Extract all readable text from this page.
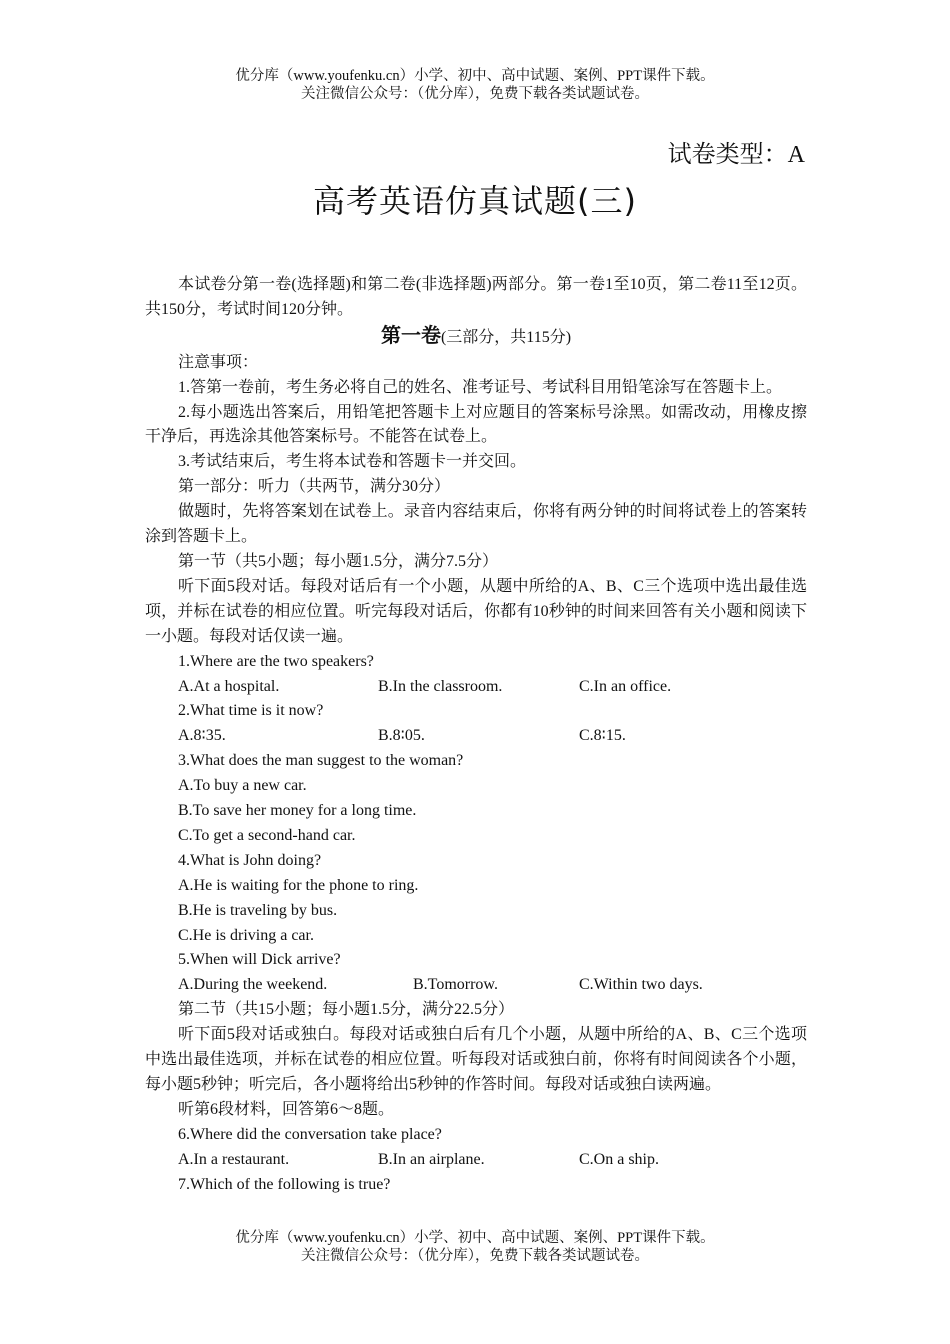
优分库（www.youfenku.cn）小学、初中、高中试题、案例、PPT课件下载。
关注微信公众号：（优分库），免费下载各类试题试卷。
试卷类型：A
高考英语仿真试题(三)

本试卷分第一卷(选择题)和第二卷(非选择题)两部分。第一卷1至10页，第二卷11至12页。共150分，考试时间120分钟。

第一卷(三部分，共115分)

注意事项：

1.答第一卷前，考生务必将自己的姓名、准考证号、考试科目用铅笔涂写在答题卡上。

2.每小题选出答案后，用铅笔把答题卡上对应题目的答案标号涂黑。如需改动，用橡皮擦干净后，再选涂其他答案标号。不能答在试卷上。

3.考试结束后，考生将本试卷和答题卡一并交回。

第一部分：听力（共两节，满分30分）

做题时，先将答案划在试卷上。录音内容结束后，你将有两分钟的时间将试卷上的答案转涂到答题卡上。

第一节（共5小题；每小题1.5分，满分7.5分）

听下面5段对话。每段对话后有一个小题，从题中所给的A、B、C三个选项中选出最佳选项，并标在试卷的相应位置。听完每段对话后，你都有10秒钟的时间来回答有关小题和阅读下一小题。每段对话仅读一遍。

1.Where are the two speakers?

A.At a hospital.	B.In the classroom.	C.In an office.

2.What time is it now?

A.8∶35.	B.8∶05.	C.8∶15.

3.What does the man suggest to the woman?

A.To buy a new car.

B.To save her money for a long time.

C.To get a second-hand car.

4.What is John doing?

A.He is waiting for the phone to ring.

B.He is traveling by bus.

C.He is driving a car.

5.When will Dick arrive?

A.During the weekend.	B.Tomorrow.	C.Within two days.

第二节（共15小题；每小题1.5分，满分22.5分）

听下面5段对话或独白。每段对话或独白后有几个小题，从题中所给的A、B、C三个选项中选出最佳选项，并标在试卷的相应位置。听每段对话或独白前，你将有时间阅读各个小题，每小题5秒钟；听完后，各小题将给出5秒钟的作答时间。每段对话或独白读两遍。

听第6段材料，回答第6～8题。

6.Where did the conversation take place?

A.In a restaurant.	B.In an airplane.	C.On a ship.

7.Which of the following is true?

优分库（www.youfenku.cn）小学、初中、高中试题、案例、PPT课件下载。
关注微信公众号：（优分库），免费下载各类试题试卷。
